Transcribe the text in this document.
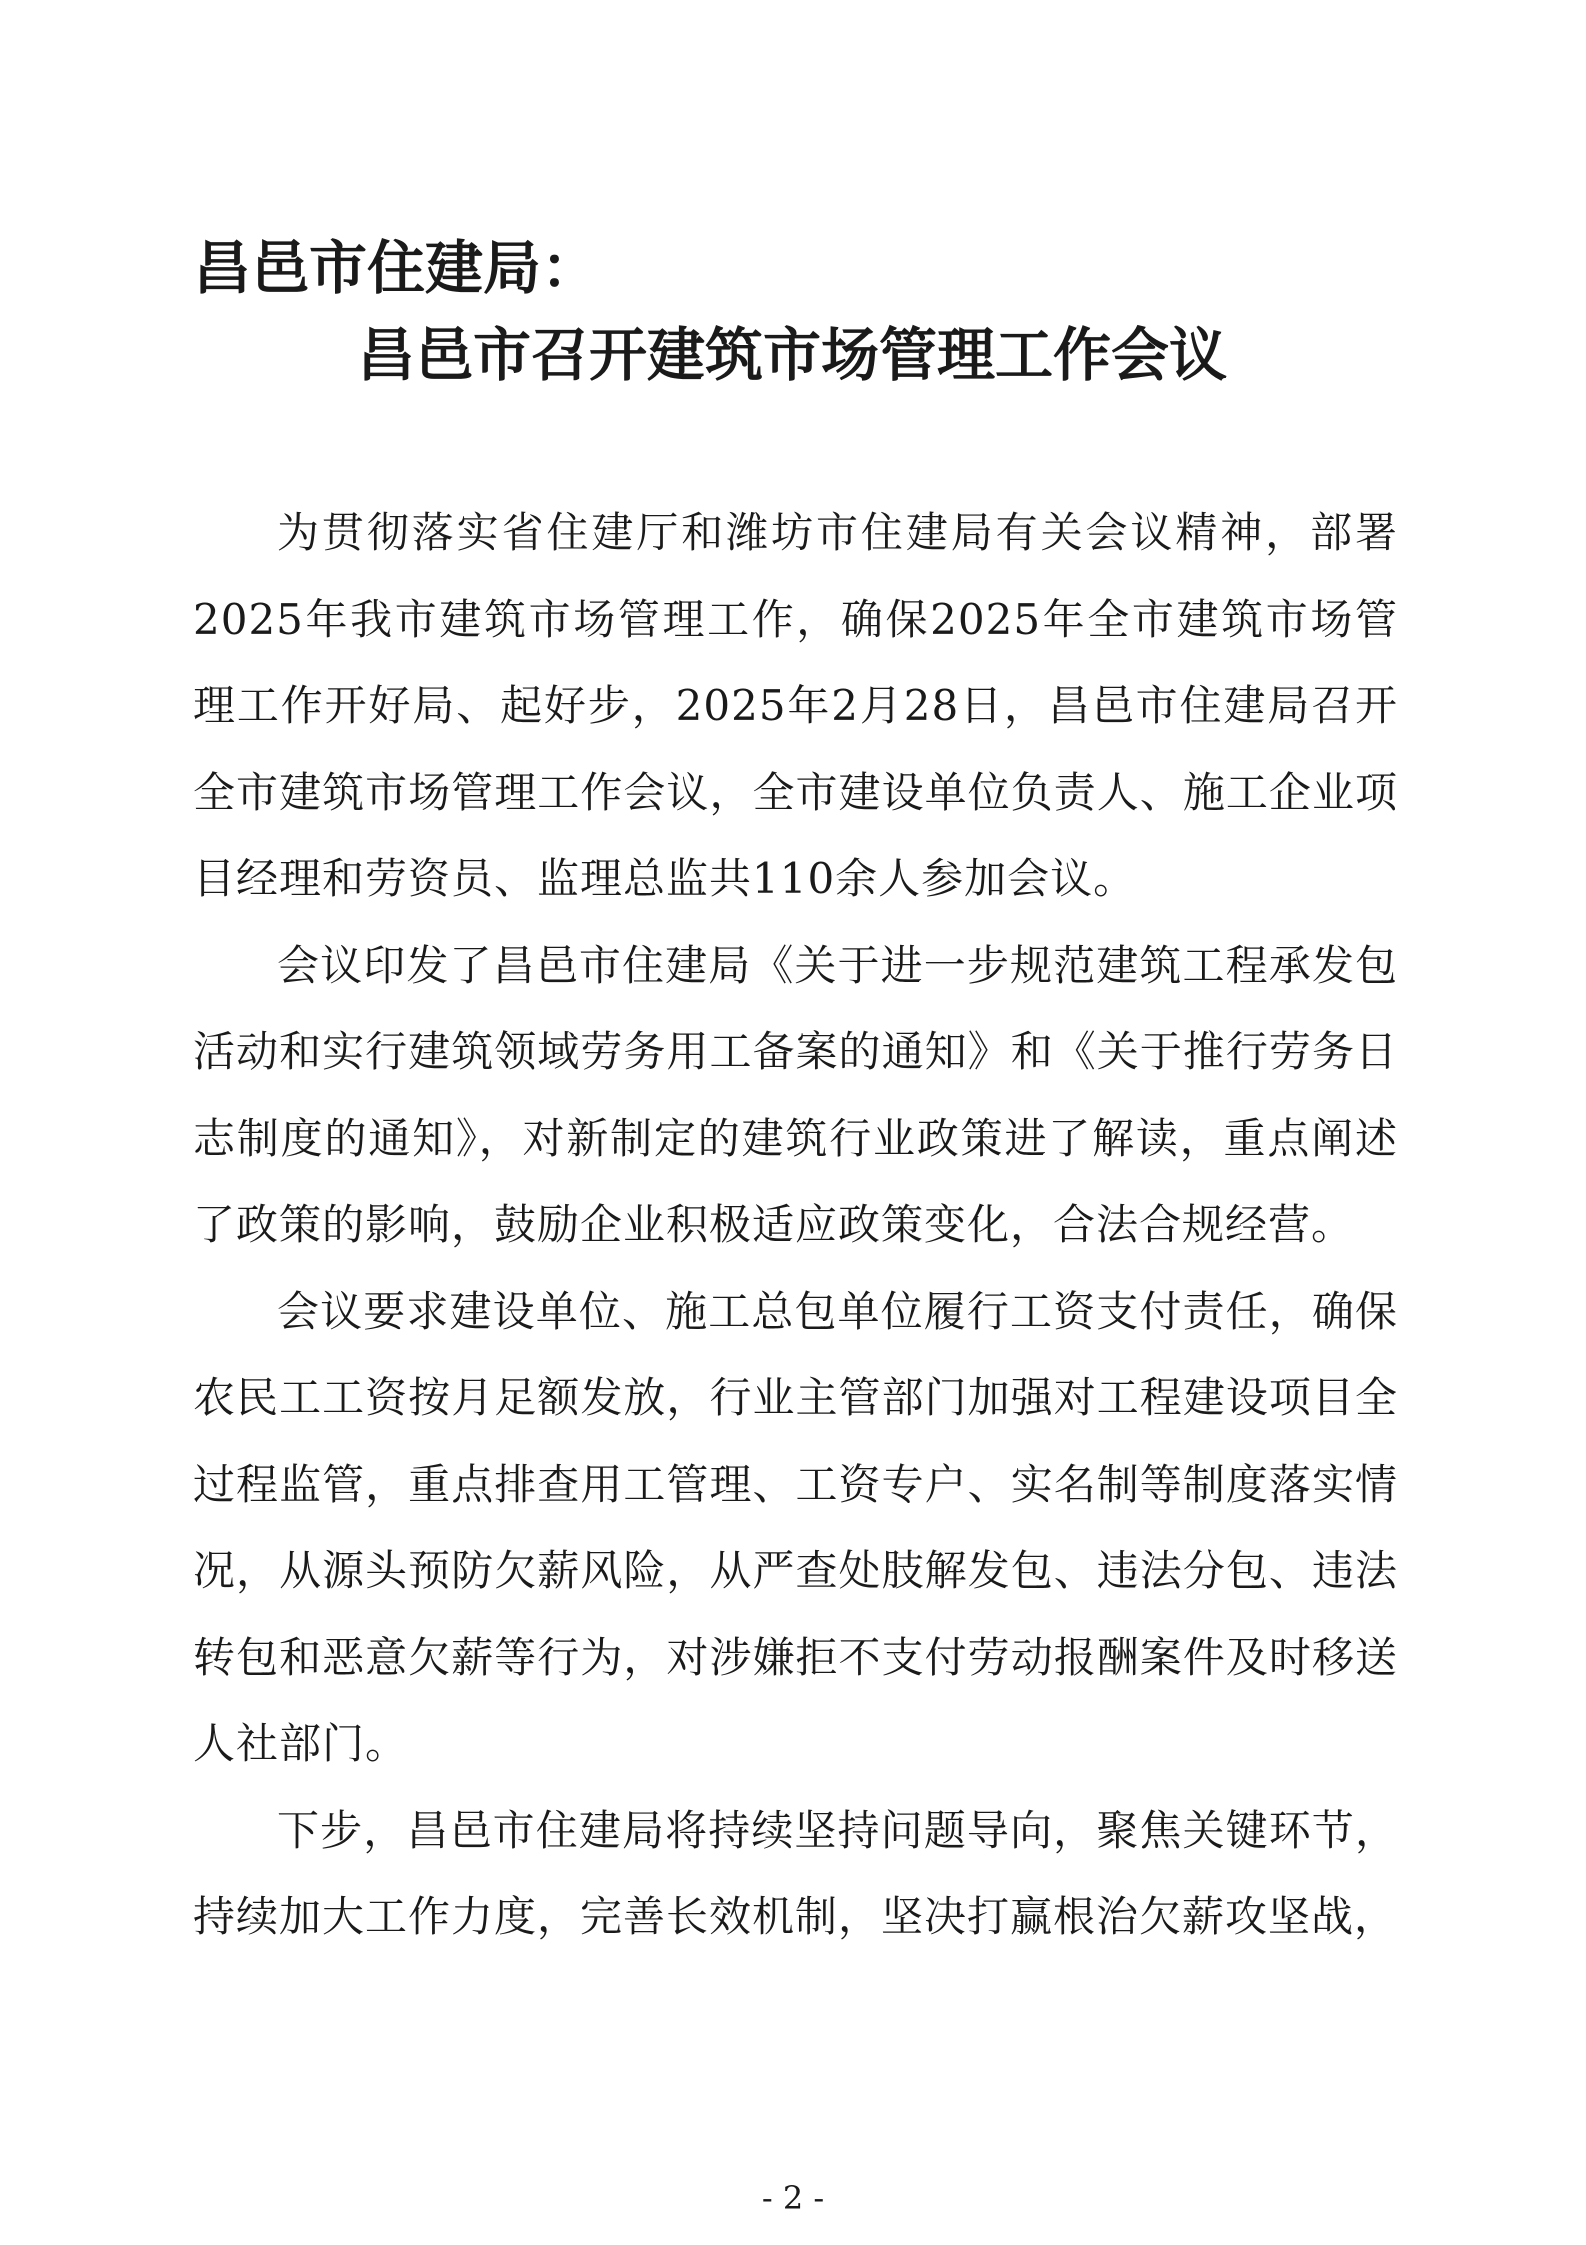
昌邑市住建局：
昌邑市召开建筑市场管理工作会议

为贯彻落实省住建厅和潍坊市住建局有关会议精神，部署2025年我市建筑市场管理工作，确保2025年全市建筑市场管理工作开好局、起好步，2025年2月28日，昌邑市住建局召开全市建筑市场管理工作会议，全市建设单位负责人、施工企业项目经理和劳资员、监理总监共110余人参加会议。

会议印发了昌邑市住建局《关于进一步规范建筑工程承发包活动和实行建筑领域劳务用工备案的通知》和《关于推行劳务日志制度的通知》，对新制定的建筑行业政策进了解读，重点阐述了政策的影响，鼓励企业积极适应政策变化，合法合规经营。

会议要求建设单位、施工总包单位履行工资支付责任，确保农民工工资按月足额发放，行业主管部门加强对工程建设项目全过程监管，重点排查用工管理、工资专户、实名制等制度落实情况，从源头预防欠薪风险，从严查处肢解发包、违法分包、违法转包和恶意欠薪等行为，对涉嫌拒不支付劳动报酬案件及时移送人社部门。

下步，昌邑市住建局将持续坚持问题导向，聚焦关键环节，持续加大工作力度，完善长效机制，坚决打赢根治欠薪攻坚战，

- 2 -
